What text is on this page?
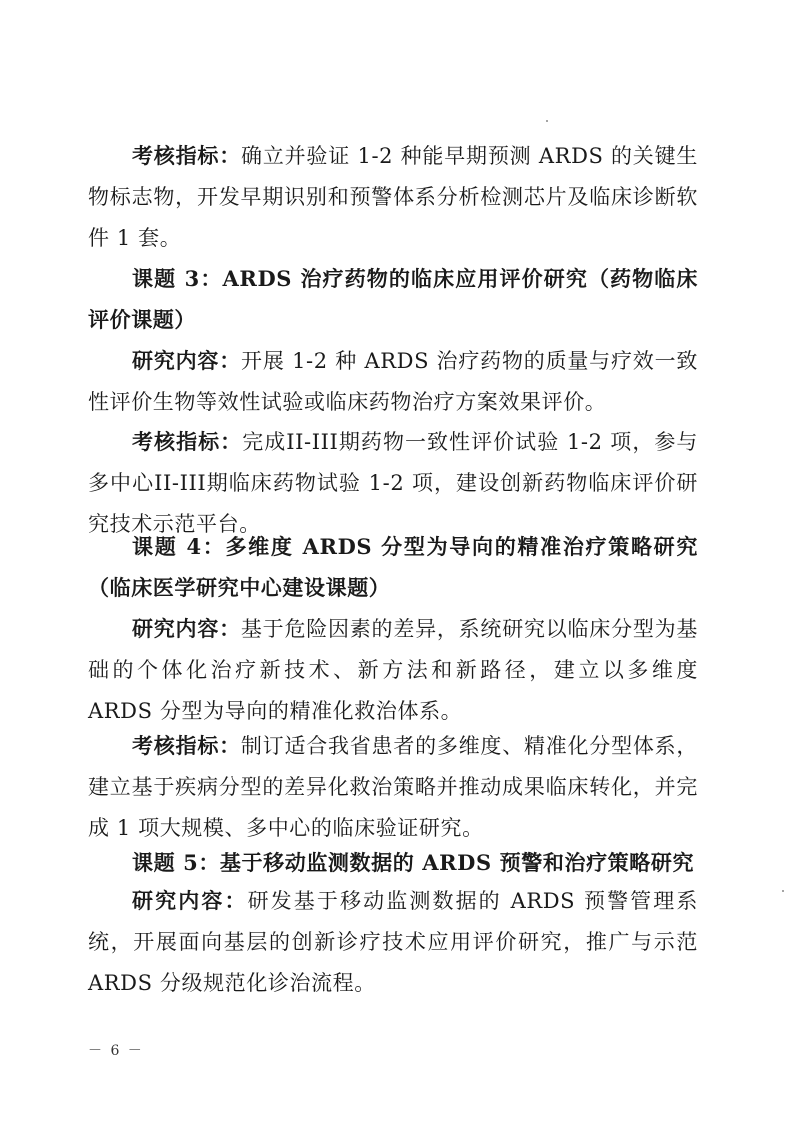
考核指标：确立并验证 1-2 种能早期预测 ARDS 的关键生物标志物，开发早期识别和预警体系分析检测芯片及临床诊断软件 1 套。

课题 3：ARDS 治疗药物的临床应用评价研究（药物临床评价课题）

研究内容：开展 1-2 种 ARDS 治疗药物的质量与疗效一致性评价生物等效性试验或临床药物治疗方案效果评价。

考核指标：完成II-III期药物一致性评价试验 1-2 项，参与多中心II-III期临床药物试验 1-2 项，建设创新药物临床评价研究技术示范平台。

课题 4：多维度 ARDS 分型为导向的精准治疗策略研究（临床医学研究中心建设课题）

研究内容：基于危险因素的差异，系统研究以临床分型为基础的个体化治疗新技术、新方法和新路径，建立以多维度 ARDS 分型为导向的精准化救治体系。

考核指标：制订适合我省患者的多维度、精准化分型体系，建立基于疾病分型的差异化救治策略并推动成果临床转化，并完成 1 项大规模、多中心的临床验证研究。

课题 5：基于移动监测数据的 ARDS 预警和治疗策略研究

研究内容：研发基于移动监测数据的 ARDS 预警管理系统，开展面向基层的创新诊疗技术应用评价研究，推广与示范 ARDS 分级规范化诊治流程。

－ 6 －
